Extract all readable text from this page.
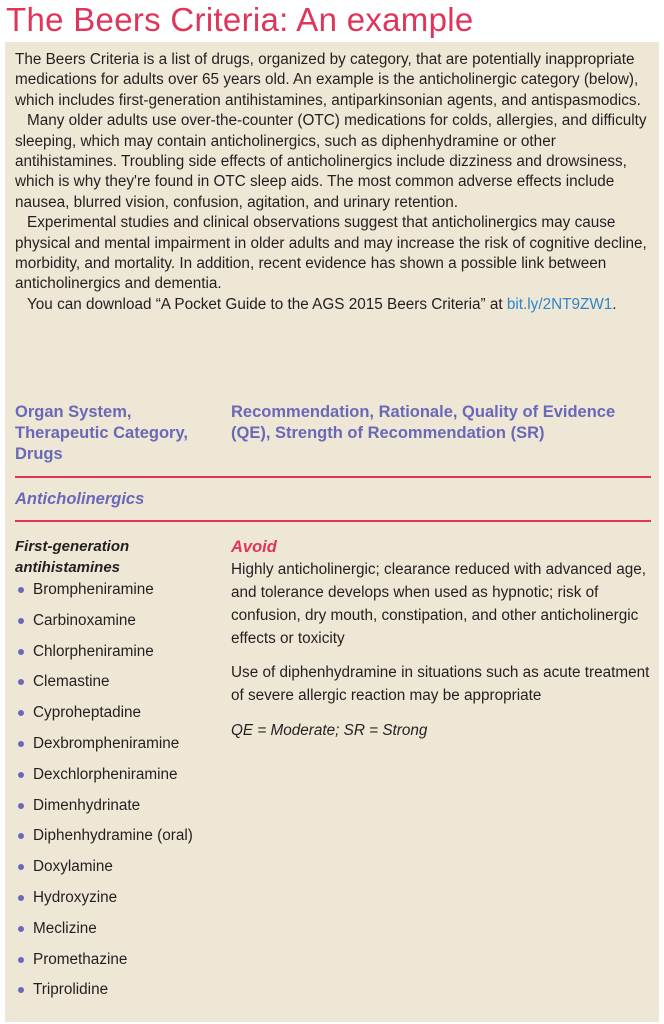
The Beers Criteria: An example

The Beers Criteria is a list of drugs, organized by category, that are potentially inappropriate medications for adults over 65 years old. An example is the anticholinergic category (below), which includes first-generation antihistamines, antiparkinsonian agents, and antispasmodics.

Many older adults use over-the-counter (OTC) medications for colds, allergies, and difficulty sleeping, which may contain anticholinergics, such as diphenhydramine or other antihistamines. Troubling side effects of anticholinergics include dizziness and drowsiness, which is why they're found in OTC sleep aids. The most common adverse effects include nausea, blurred vision, confusion, agitation, and urinary retention.

Experimental studies and clinical observations suggest that anticholinergics may cause physical and mental impairment in older adults and may increase the risk of cognitive decline, morbidity, and mortality. In addition, recent evidence has shown a possible link between anticholinergics and dementia.

You can download “A Pocket Guide to the AGS 2015 Beers Criteria” at bit.ly/2NT9ZW1.

Organ System, Therapeutic Category, Drugs
Recommendation, Rationale, Quality of Evidence (QE), Strength of Recommendation (SR)
Anticholinergics
First-generation antihistamines
Brompheniramine
Carbinoxamine
Chlorpheniramine
Clemastine
Cyproheptadine
Dexbrompheniramine
Dexchlorpheniramine
Dimenhydrinate
Diphenhydramine (oral)
Doxylamine
Hydroxyzine
Meclizine
Promethazine
Triprolidine
Avoid

Highly anticholinergic; clearance reduced with advanced age, and tolerance develops when used as hypnotic; risk of confusion, dry mouth, constipation, and other anticholinergic effects or toxicity

Use of diphenhydramine in situations such as acute treatment of severe allergic reaction may be appropriate

QE = Moderate; SR = Strong
